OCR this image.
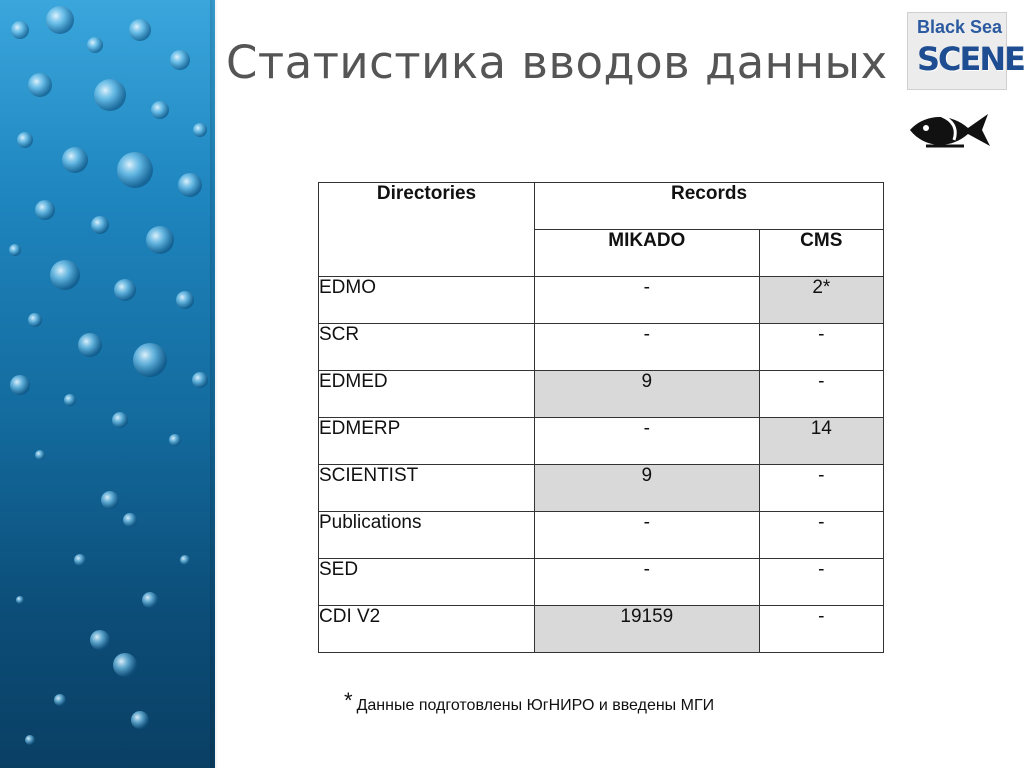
Статистика вводов данных
Black Sea
SCENE
Directories	Records	
	MIKADO	CMS
EDMO	-	2*
SCR	-	-
EDMED	9	-
EDMERP	-	14
SCIENTIST	9	-
Publications	-	-
SED	-	-
CDI V2	19159	-
* Данные подготовлены ЮгНИРО и введены МГИ
